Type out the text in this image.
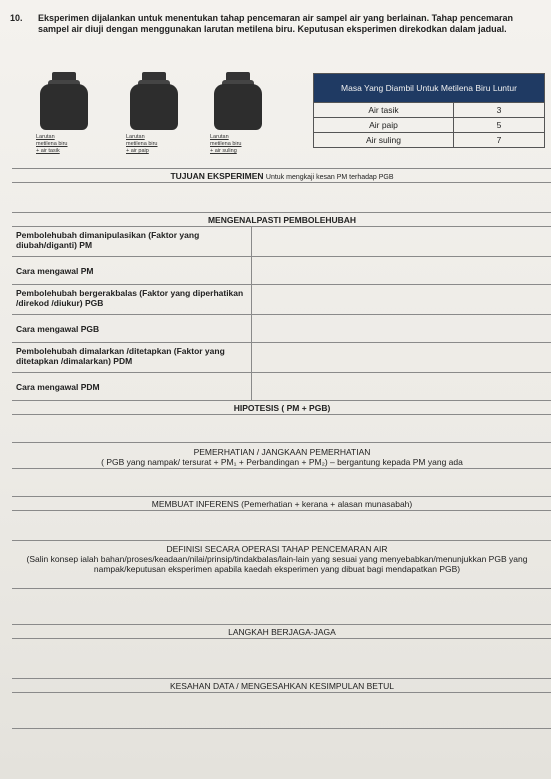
10. Eksperimen dijalankan untuk menentukan tahap pencemaran air sampel air yang berlainan. Tahap pencemaran sampel air diuji dengan menggunakan larutan metilena biru. Keputusan eksperimen direkodkan dalam jadual.
Larutan
metilena biru
+ air tasik
Larutan
metilena biru
+ air paip
Larutan
metilena biru
+ air suling
Masa Yang Diambil Untuk Metilena Biru Luntur	
Air tasik	3
Air paip	5
Air suling	7
TUJUAN EKSPERIMEN Untuk mengkaji kesan PM terhadap PGB
MENGENALPASTI PEMBOLEHUBAH
Pembolehubah dimanipulasikan (Faktor yang diubah/diganti) PM
Cara mengawal PM
Pembolehubah bergerakbalas (Faktor yang diperhatikan /direkod /diukur) PGB
Cara mengawal PGB
Pembolehubah dimalarkan /ditetapkan (Faktor yang ditetapkan /dimalarkan) PDM
Cara mengawal PDM
HIPOTESIS ( PM + PGB)
PEMERHATIAN / JANGKAAN PEMERHATIAN
( PGB yang nampak/ tersurat + PM₁ + Perbandingan + PM₂) – bergantung kepada PM yang ada
MEMBUAT INFERENS (Pemerhatian + kerana + alasan munasabah)
DEFINISI SECARA OPERASI TAHAP PENCEMARAN AIR
(Salin konsep ialah bahan/proses/keadaan/nilai/prinsip/tindakbalas/lain-lain yang sesuai yang menyebabkan/menunjukkan PGB yang nampak/keputusan eksperimen apabila kaedah eksperimen yang dibuat bagi mendapatkan PGB)
LANGKAH BERJAGA-JAGA
KESAHAN DATA / MENGESAHKAN KESIMPULAN BETUL
